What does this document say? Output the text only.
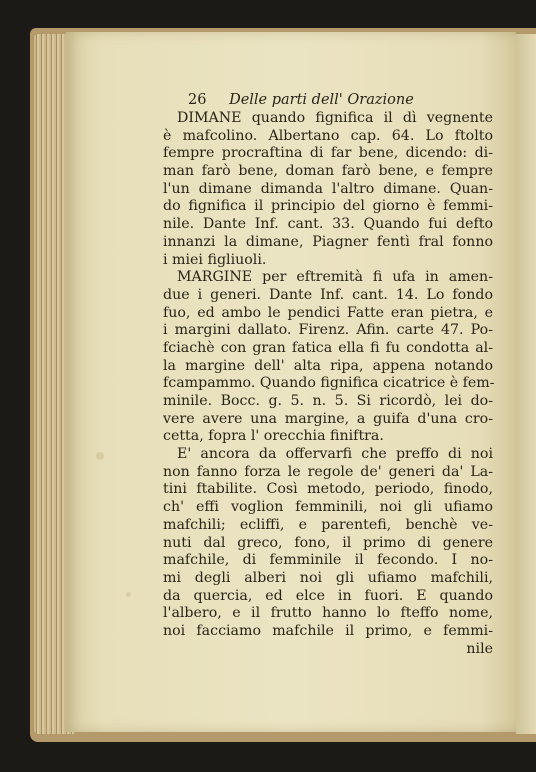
26 Delle parti dell' Orazione
DIMANE quando fignifica il dì vegnente
è mafcolino. Albertano cap. 64. Lo ftolto
fempre procraftina di far bene, dicendo: di-
man farò bene, doman farò bene, e fempre
l'un dimane dimanda l'altro dimane. Quan-
do fignifica il principio del giorno è femmi-
nile. Dante Inf. cant. 33. Quando fui defto
innanzi la dimane, Piagner fentì fral fonno
i miei figliuoli.
MARGINE per eftremità fi ufa in amen-
due i generi. Dante Inf. cant. 14. Lo fondo
fuo, ed ambo le pendici Fatte eran pietra, e
i margini dallato. Firenz. Afin. carte 47. Po-
fciachè con gran fatica ella fi fu condotta al-
la margine dell' alta ripa, appena notando
fcampammo. Quando fignifica cicatrice è fem-
minile. Bocc. g. 5. n. 5. Si ricordò, lei do-
vere avere una margine, a guifa d'una cro-
cetta, fopra l' orecchia finiftra.
E' ancora da offervarfi che preffo di noi
non fanno forza le regole de' generi da' La-
tini ftabilite. Così metodo, periodo, finodo,
ch' effi voglion femminili, noi gli ufiamo
mafchili; ecliffi, e parentefi, benchè ve-
nuti dal greco, fono, il primo di genere
mafchile, di femminile il fecondo. I no-
mi degli alberi noi gli ufiamo mafchili,
da quercia, ed elce in fuori. E quando
l'albero, e il frutto hanno lo fteffo nome,
noi facciamo mafchile il primo, e femmi-
nile
